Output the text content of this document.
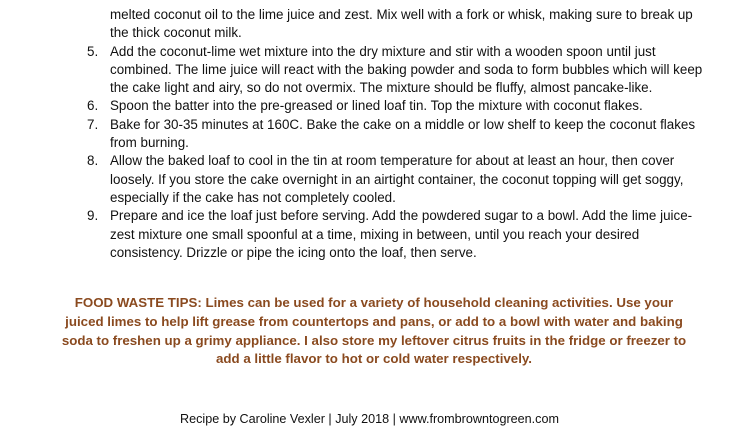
melted coconut oil to the lime juice and zest. Mix well with a fork or whisk, making sure to break up the thick coconut milk.
5. Add the coconut-lime wet mixture into the dry mixture and stir with a wooden spoon until just combined. The lime juice will react with the baking powder and soda to form bubbles which will keep the cake light and airy, so do not overmix. The mixture should be fluffy, almost pancake-like.
6. Spoon the batter into the pre-greased or lined loaf tin. Top the mixture with coconut flakes.
7. Bake for 30-35 minutes at 160C. Bake the cake on a middle or low shelf to keep the coconut flakes from burning.
8. Allow the baked loaf to cool in the tin at room temperature for about at least an hour, then cover loosely. If you store the cake overnight in an airtight container, the coconut topping will get soggy, especially if the cake has not completely cooled.
9. Prepare and ice the loaf just before serving. Add the powdered sugar to a bowl. Add the lime juice-zest mixture one small spoonful at a time, mixing in between, until you reach your desired consistency. Drizzle or pipe the icing onto the loaf, then serve.
FOOD WASTE TIPS: Limes can be used for a variety of household cleaning activities. Use your juiced limes to help lift grease from countertops and pans, or add to a bowl with water and baking soda to freshen up a grimy appliance. I also store my leftover citrus fruits in the fridge or freezer to add a little flavor to hot or cold water respectively.
Recipe by Caroline Vexler | July 2018 | www.frombrowntogreen.com
